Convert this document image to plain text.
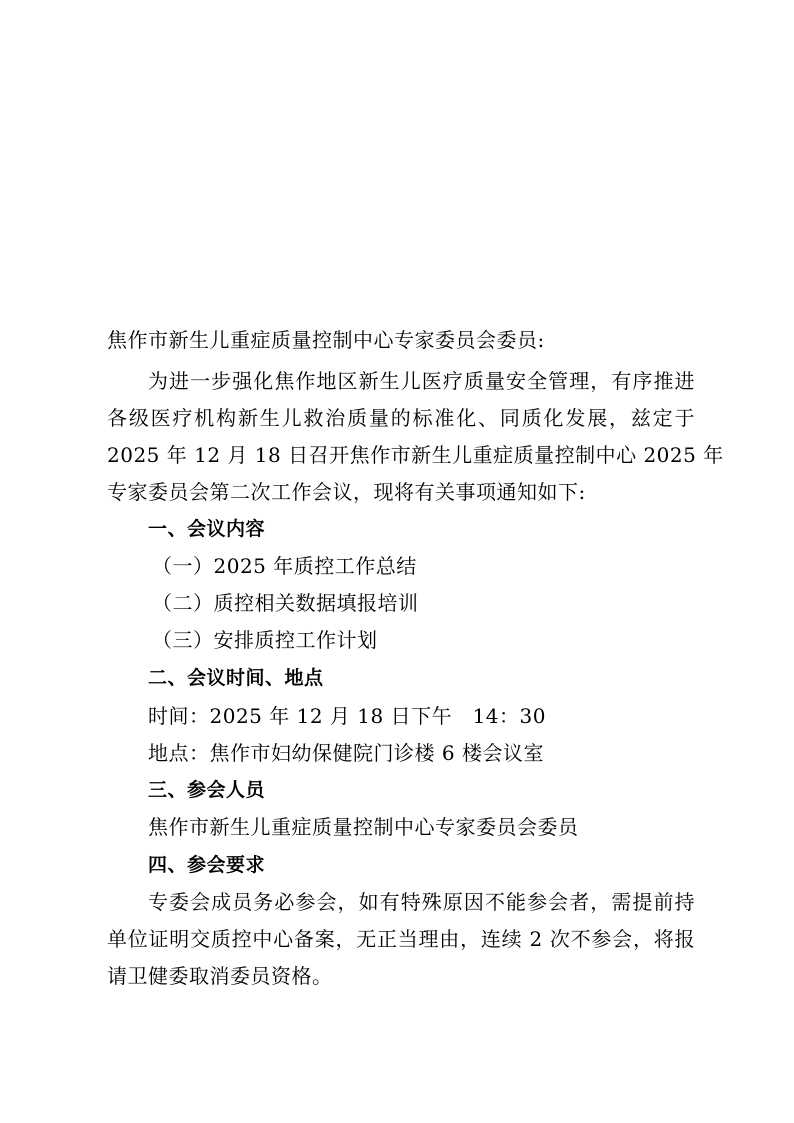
焦作市新生儿重症质量控制中心专家委员会委员:
为进一步强化焦作地区新生儿医疗质量安全管理，有序推进
各级医疗机构新生儿救治质量的标准化、同质化发展，兹定于
2025 年 12 月 18 日召开焦作市新生儿重症质量控制中心 2025 年
专家委员会第二次工作会议，现将有关事项通知如下:
一、会议内容
（一）2025 年质控工作总结
（二）质控相关数据填报培训
（三）安排质控工作计划
二、会议时间、地点
时间：2025 年 12 月 18 日下午　14：30
地点：焦作市妇幼保健院门诊楼 6 楼会议室
三、参会人员
焦作市新生儿重症质量控制中心专家委员会委员
四、参会要求
专委会成员务必参会，如有特殊原因不能参会者，需提前持
单位证明交质控中心备案，无正当理由，连续 2 次不参会，将报
请卫健委取消委员资格。
